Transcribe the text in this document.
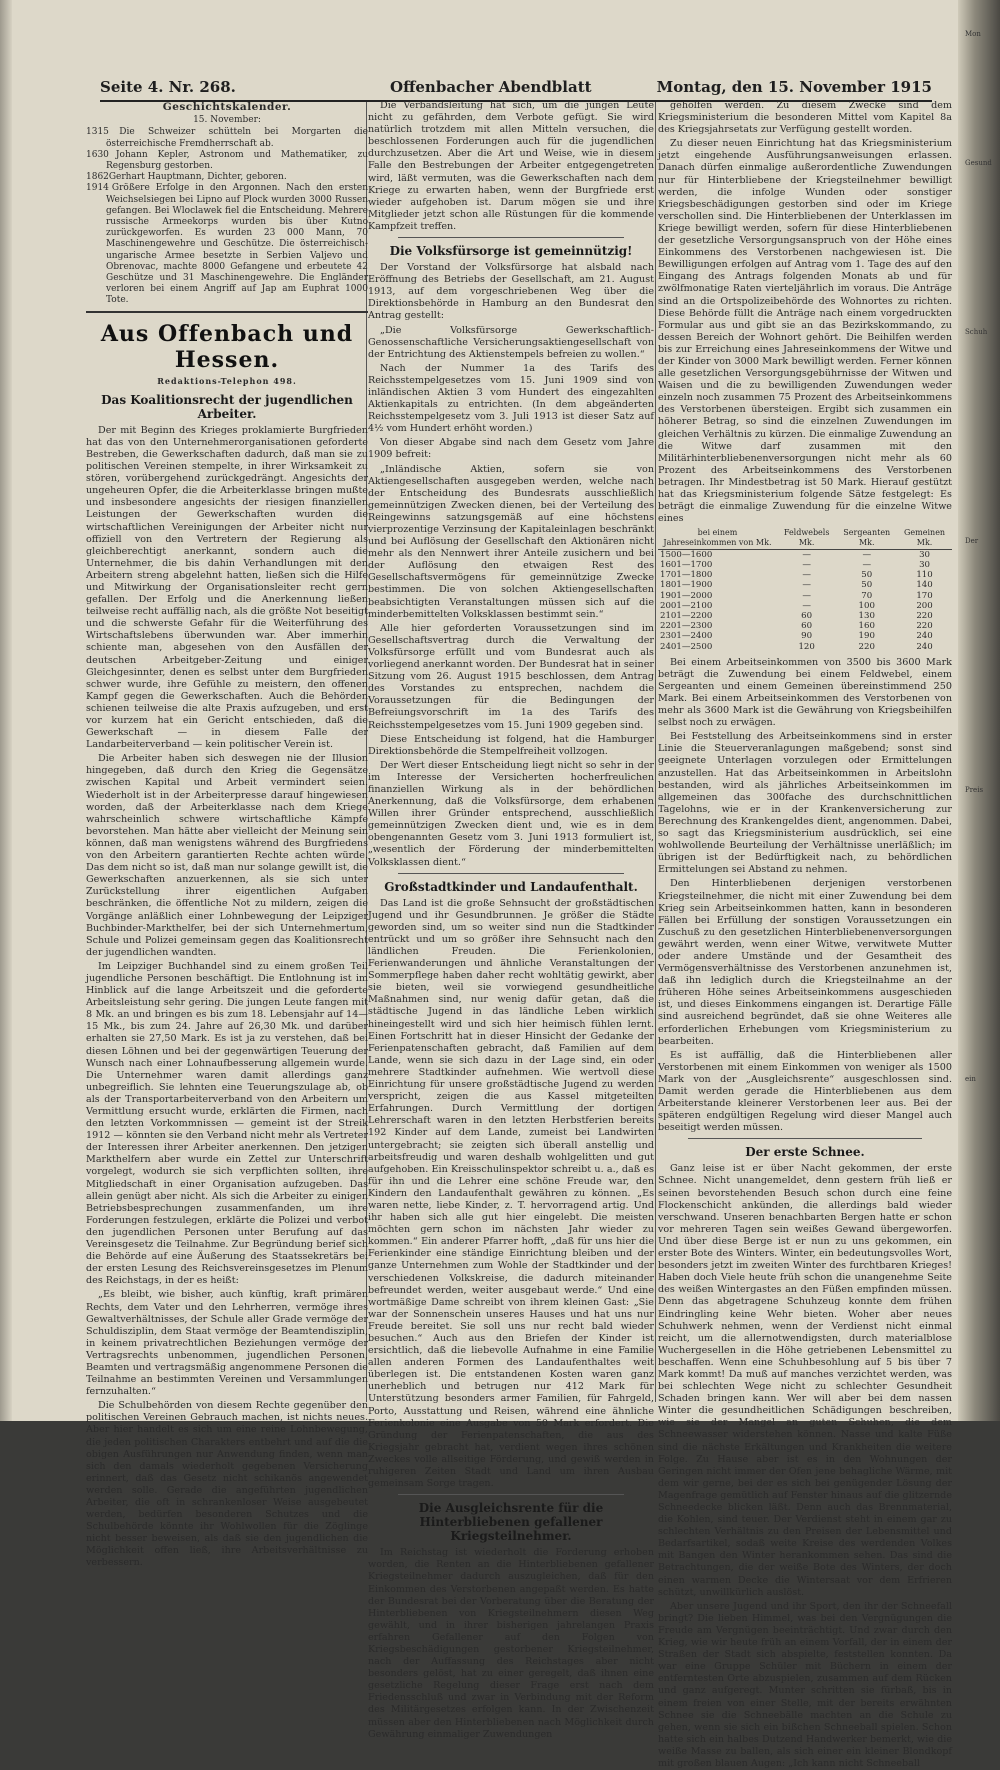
Mon
Gesund
Schuh
Der
Preis
ein
Seite 4. Nr. 268.	Offenbacher Abendblatt	Montag, den 15. November 1915
Geschichtskalender.
15. November:
1315 Die Schweizer schütteln bei Morgarten die österreichische Fremdherrschaft ab.
1630 Johann Kepler, Astronom und Mathematiker, zu Regensburg gestorben.
1862 Gerhart Hauptmann, Dichter, geboren.
1914 Größere Erfolge in den Argonnen. Nach den ersten Weichselsiegen bei Lipno auf Plock wurden 3000 Russen gefangen. Bei Wloclawek fiel die Entscheidung. Mehrere russische Armeekorps wurden bis über Kutno zurückgeworfen. Es wurden 23 000 Mann, 70 Maschinengewehre und Geschütze. Die österreichisch-ungarische Armee besetzte in Serbien Valjevo und Obrenovac, machte 8000 Gefangene und erbeutete 42 Geschütze und 31 Maschinengewehre. Die Engländer verloren bei einem Angriff auf Jap am Euphrat 1000 Tote.
Aus Offenbach und Hessen.
Redaktions-Telephon 498.
Das Koalitionsrecht der jugendlichen Arbeiter.

Der mit Beginn des Krieges proklamierte Burgfrieden hat das von den Unternehmerorganisationen geforderte Bestreben, die Gewerkschaften dadurch, daß man sie zu politischen Vereinen stempelte, in ihrer Wirksamkeit zu stören, vorübergehend zurückgedrängt. Angesichts der ungeheuren Opfer, die die Arbeiterklasse bringen mußte und insbesondere angesichts der riesigen finanziellen Leistungen der Gewerkschaften wurden die wirtschaftlichen Vereinigungen der Arbeiter nicht nur offiziell von den Vertretern der Regierung als gleichberechtigt anerkannt, sondern auch die Unternehmer, die bis dahin Verhandlungen mit den Arbeitern streng abgelehnt hatten, ließen sich die Hilfe und Mitwirkung der Organisationsleiter recht gern gefallen. Der Erfolg und die Anerkennung ließen teilweise recht auffällig nach, als die größte Not beseitigt und die schwerste Gefahr für die Weiterführung des Wirtschaftslebens überwunden war. Aber immerhin schiente man, abgesehen von den Ausfällen der deutschen Arbeitgeber-Zeitung und einiger Gleichgesinnter, denen es selbst unter dem Burgfrieden schwer wurde, ihre Gefühle zu meistern, den offenen Kampf gegen die Gewerkschaften. Auch die Behörden schienen teilweise die alte Praxis aufzugeben, und erst vor kurzem hat ein Gericht entschieden, daß die Gewerkschaft — in diesem Falle der Landarbeiterverband — kein politischer Verein ist.

Die Arbeiter haben sich deswegen nie der Illusion hingegeben, daß durch den Krieg die Gegensätze zwischen Kapital und Arbeit vermindert seien. Wiederholt ist in der Arbeiterpresse darauf hingewiesen worden, daß der Arbeiterklasse nach dem Kriege wahrscheinlich schwere wirtschaftliche Kämpfe bevorstehen. Man hätte aber vielleicht der Meinung sein können, daß man wenigstens während des Burgfriedens von den Arbeitern garantierten Rechte achten würde. Das dem nicht so ist, daß man nur solange gewillt ist, die Gewerkschaften anzuerkennen, als sie sich unter Zurückstellung ihrer eigentlichen Aufgaben beschränken, die öffentliche Not zu mildern, zeigen die Vorgänge anläßlich einer Lohnbewegung der Leipziger Buchbinder-Markthelfer, bei der sich Unternehmertum, Schule und Polizei gemeinsam gegen das Koalitionsrecht der jugendlichen wandten.

Im Leipziger Buchhandel sind zu einem großen Teil jugendliche Personen beschäftigt. Die Entlohnung ist im Hinblick auf die lange Arbeitszeit und die geforderte Arbeitsleistung sehr gering. Die jungen Leute fangen mit 8 Mk. an und bringen es bis zum 18. Lebensjahr auf 14—15 Mk., bis zum 24. Jahre auf 26,30 Mk. und darüber erhalten sie 27,50 Mark. Es ist ja zu verstehen, daß bei diesen Löhnen und bei der gegenwärtigen Teuerung der Wunsch nach einer Lohnaufbesserung allgemein wurde. Die Unternehmer waren damit allerdings ganz unbegreiflich. Sie lehnten eine Teuerungszulage ab, ob als der Transportarbeiterverband von den Arbeitern um Vermittlung ersucht wurde, erklärten die Firmen, nach den letzten Vorkommnissen — gemeint ist der Streik 1912 — könnten sie den Verband nicht mehr als Vertreter der Interessen ihrer Arbeiter anerkennen. Den jetzigen Markthelfern aber wurde ein Zettel zur Unterschrift vorgelegt, wodurch sie sich verpflichten sollten, ihre Mitgliedschaft in einer Organisation aufzugeben. Das allein genügt aber nicht. Als sich die Arbeiter zu einigen Betriebsbesprechungen zusammenfanden, um ihre Forderungen festzulegen, erklärte die Polizei und verbot den jugendlichen Personen unter Berufung auf das Vereinsgesetz die Teilnahme. Zur Begründung berief sich die Behörde auf eine Äußerung des Staatssekretärs bei der ersten Lesung des Reichsvereinsgesetzes im Plenum des Reichstags, in der es heißt:

„Es bleibt, wie bisher, auch künftig, kraft primären Rechts, dem Vater und den Lehrherren, vermöge ihres Gewaltverhältnisses, der Schule aller Grade vermöge der Schuldisziplin, dem Staat vermöge der Beamtendisziplin, in keinem privatrechtlichen Beziehungen vermöge der Vertragsrechts unbenommen, jugendlichen Personen, Beamten und vertragsmäßig angenommene Personen die Teilnahme an bestimmten Vereinen und Versammlungen fernzuhalten.“

Die Schulbehörden von diesem Rechte gegenüber den politischen Vereinen Gebrauch machen, ist nichts neues. Aber hier handelt es sich um eine reine Lohnbewegung, die jeden politischen Charakters entbehrt und auf die die obigen Ausführungen nur Anwendung finden, wenn man sich den damals wiederholt gegebenen Versicherung erinnert, daß das Gesetz nicht schikanös angewendet werden solle. Gerade die angeführten jugendlichen Arbeiter, die oft in schrankenloser Weise ausgebeutet werden, bedürfen besonderen Schutzes und die Schulbehörde könnte ihr Wohlwollen für die Zöglinge nicht besser beweisen, als daß sie den jugendlichen die Möglichkeit offen ließ, ihre Arbeitsverhältnisse zu verbessern.

Die Verbandsleitung hat sich, um die jungen Leute nicht zu gefährden, dem Verbote gefügt. Sie wird natürlich trotzdem mit allen Mitteln versuchen, die beschlossenen Forderungen auch für die jugendlichen durchzusetzen. Aber die Art und Weise, wie in diesem Falle den Bestrebungen der Arbeiter entgegengetreten wird, läßt vermuten, was die Gewerkschaften nach dem Kriege zu erwarten haben, wenn der Burgfriede erst wieder aufgehoben ist. Darum mögen sie und ihre Mitglieder jetzt schon alle Rüstungen für die kommende Kampfzeit treffen.

Die Volksfürsorge ist gemeinnützig!

Der Vorstand der Volksfürsorge hat alsbald nach Eröffnung des Betriebs der Gesellschaft, am 21. August 1913, auf dem vorgeschriebenen Weg über die Direktionsbehörde in Hamburg an den Bundesrat den Antrag gestellt:

„Die Volksfürsorge Gewerkschaftlich-Genossenschaftliche Versicherungsaktiengesellschaft von der Entrichtung des Aktienstempels befreien zu wollen.“

Nach der Nummer 1a des Tarifs des Reichsstempelgesetzes vom 15. Juni 1909 sind von inländischen Aktien 3 vom Hundert des eingezahlten Aktienkapitals zu entrichten. (In dem abgeänderten Reichsstempelgesetz vom 3. Juli 1913 ist dieser Satz auf 4½ vom Hundert erhöht worden.)

Von dieser Abgabe sind nach dem Gesetz vom Jahre 1909 befreit:

„Inländische Aktien, sofern sie von Aktiengesellschaften ausgegeben werden, welche nach der Entscheidung des Bundesrats ausschließlich gemeinnützigen Zwecken dienen, bei der Verteilung des Reingewinns satzungsgemäß auf eine höchstens vierprozentige Verzinsung der Kapitaleinlagen beschränkt und bei Auflösung der Gesellschaft den Aktionären nicht mehr als den Nennwert ihrer Anteile zusichern und bei der Auflösung den etwaigen Rest des Gesellschaftsvermögens für gemeinnützige Zwecke bestimmen. Die von solchen Aktiengesellschaften beabsichtigten Veranstaltungen müssen sich auf die minderbemittelten Volksklassen bestimmt sein.“

Alle hier geforderten Voraussetzungen sind im Gesellschaftsvertrag durch die Verwaltung der Volksfürsorge erfüllt und vom Bundesrat auch als vorliegend anerkannt worden. Der Bundesrat hat in seiner Sitzung vom 26. August 1915 beschlossen, dem Antrag des Vorstandes zu entsprechen, nachdem die Voraussetzungen für die Bedingungen der Befreiungsvorschrift im 1a des Tarifs des Reichsstempelgesetzes vom 15. Juni 1909 gegeben sind.

Diese Entscheidung ist folgend, hat die Hamburger Direktionsbehörde die Stempelfreiheit vollzogen.

Der Wert dieser Entscheidung liegt nicht so sehr in der im Interesse der Versicherten hocherfreulichen finanziellen Wirkung als in der behördlichen Anerkennung, daß die Volksfürsorge, dem erhabenen Willen ihrer Gründer entsprechend, ausschließlich gemeinnützigen Zwecken dient und, wie es in dem obengenannten Gesetz vom 3. Juni 1913 formuliert ist, „wesentlich der Förderung der minderbemittelten Volksklassen dient.“

Großstadtkinder und Landaufenthalt.

Das Land ist die große Sehnsucht der großstädtischen Jugend und ihr Gesundbrunnen. Je größer die Städte geworden sind, um so weiter sind nun die Stadtkinder entrückt und um so größer ihre Sehnsucht nach den ländlichen Freuden. Die Ferienkolonien, Ferienwanderungen und ähnliche Veranstaltungen der Sommerpflege haben daher recht wohltätig gewirkt, aber sie bieten, weil sie vorwiegend gesundheitliche Maßnahmen sind, nur wenig dafür getan, daß die städtische Jugend in das ländliche Leben wirklich hineingestellt wird und sich hier heimisch fühlen lernt. Einen Fortschritt hat in dieser Hinsicht der Gedanke der Ferienpatenschaften gebracht, daß Familien auf dem Lande, wenn sie sich dazu in der Lage sind, ein oder mehrere Stadtkinder aufnehmen. Wie wertvoll diese Einrichtung für unsere großstädtische Jugend zu werden verspricht, zeigen die aus Kassel mitgeteilten Erfahrungen. Durch Vermittlung der dortigen Lehrerschaft waren in den letzten Herbstferien bereits 192 Kinder auf dem Lande, zumeist bei Landwirten untergebracht; sie zeigten sich überall anstellig und arbeitsfreudig und waren deshalb wohlgelitten und gut aufgehoben. Ein Kreisschulinspektor schreibt u. a., daß es für ihn und die Lehrer eine schöne Freude war, den Kindern den Landaufenthalt gewähren zu können. „Es waren nette, liebe Kinder, z. T. hervorragend artig. Und ihr haben sich alle gut hier eingelebt. Die meisten möchten gern schon im nächsten Jahr wieder zu kommen.“ Ein anderer Pfarrer hofft, „daß für uns hier die Ferienkinder eine ständige Einrichtung bleiben und der ganze Unternehmen zum Wohle der Stadtkinder und der verschiedenen Volkskreise, die dadurch miteinander befreundet werden, weiter ausgebaut werde.“ Und eine wortmäßige Dame schreibt von ihrem kleinen Gast: „Sie war der Sonnenschein unseres Hauses und hat uns nur Freude bereitet. Sie soll uns nur recht bald wieder besuchen.“ Auch aus den Briefen der Kinder ist ersichtlich, daß die liebevolle Aufnahme in eine Familie allen anderen Formen des Landaufenthaltes weit überlegen ist. Die entstandenen Kosten waren ganz unerheblich und betrugen nur 412 Mark für Unterstützung besonders armer Familien, für Fahrgeld, Porto, Ausstattung und Reisen, während eine ähnliche Ferienkolonie eine Ausgabe von 50 Mark erfordert. Die Gründung der Ferienpatenschaften, die aus des Kriegsjahr gebracht hat, verdient wegen ihres schönen Zweckes volle allseitige Förderung, und gewiß werden in ruhigeren Zeiten Stadt und Land um ihren Ausbau gemeinsam Sorge tragen.

Die Ausgleichsrente für die Hinterbliebenen gefallener Kriegsteilnehmer.

Im Reichstag ist wiederholt die Forderung erhoben worden, die Renten an die Hinterbliebenen gefallener Kriegsteilnehmer dadurch auszugleichen, daß für den Einkommen des Verstorbenen angepaßt werden. Es hatte der Bundesrat bei der Vorberatung über die Beratung der Hinterbliebenen von Kriegsteilnehmern diesen Weg gewählt, und in ihrer bisherigen jahrelangen Praxis erfahren Gefallener auf den Folgen von Kriegsbeschädigungen gestorbener Kriegsteilnehmer, nach der Auffassung des Reichstages aber nicht besonders gelöst, hat zu einer geregelt, daß ihnen eine gesetzliche Regelung dieser Frage erst nach dem Friedensschluß und zwar in Verbindung mit der Reform des Militärgesetzes erfolgen kann. In der Zwischenzeit müssen aber den Hinterbliebenen nach Möglichkeit durch Gewährung einmaliger Zuwendungen

geholfen werden. Zu diesem Zwecke sind dem Kriegsministerium die besonderen Mittel vom Kapitel 8a des Kriegsjahrsetats zur Verfügung gestellt worden.

Zu dieser neuen Einrichtung hat das Kriegsministerium jetzt eingehende Ausführungsanweisungen erlassen. Danach dürfen einmalige außerordentliche Zuwendungen nur für Hinterbliebene der Kriegsteilnehmer bewilligt werden, die infolge Wunden oder sonstiger Kriegsbeschädigungen gestorben sind oder im Kriege verschollen sind. Die Hinterbliebenen der Unterklassen im Kriege bewilligt werden, sofern für diese Hinterbliebenen der gesetzliche Versorgungsanspruch von der Höhe eines Einkommens des Verstorbenen nachgewiesen ist. Die Bewilligungen erfolgen auf Antrag vom 1. Tage des auf den Eingang des Antrags folgenden Monats ab und für zwölfmonatige Raten vierteljährlich im voraus. Die Anträge sind an die Ortspolizeibehörde des Wohnortes zu richten. Diese Behörde füllt die Anträge nach einem vorgedruckten Formular aus und gibt sie an das Bezirkskommando, zu dessen Bereich der Wohnort gehört. Die Beihilfen werden bis zur Erreichung eines Jahreseinkommens der Witwe und der Kinder von 3000 Mark bewilligt werden. Ferner können alle gesetzlichen Versorgungsgebührnisse der Witwen und Waisen und die zu bewilligenden Zuwendungen weder einzeln noch zusammen 75 Prozent des Arbeitseinkommens des Verstorbenen übersteigen. Ergibt sich zusammen ein höherer Betrag, so sind die einzelnen Zuwendungen im gleichen Verhältnis zu kürzen. Die einmalige Zuwendung an die Witwe darf zusammen mit den Militärhinterbliebenenversorgungen nicht mehr als 60 Prozent des Arbeitseinkommens des Verstorbenen betragen. Ihr Mindestbetrag ist 50 Mark. Hierauf gestützt hat das Kriegsministerium folgende Sätze festgelegt: Es beträgt die einmalige Zuwendung für die einzelne Witwe eines

bei einem Jahreseinkommen von Mk.	Feldwebels Mk.	Sergeanten Mk.	Gemeinen Mk.
1500—1600	—	—	30
1601—1700	—	—	30
1701—1800	—	50	110
1801—1900	—	50	140
1901—2000	—	70	170
2001—2100	—	100	200
2101—2200	60	130	220
2201—2300	60	160	220
2301—2400	90	190	240
2401—2500	120	220	240

Bei einem Arbeitseinkommen von 3500 bis 3600 Mark beträgt die Zuwendung bei einem Feldwebel, einem Sergeanten und einem Gemeinen übereinstimmend 250 Mark. Bei einem Arbeitseinkommen des Verstorbenen von mehr als 3600 Mark ist die Gewährung von Kriegsbeihilfen selbst noch zu erwägen.

Bei Feststellung des Arbeitseinkommens sind in erster Linie die Steuerveranlagungen maßgebend; sonst sind geeignete Unterlagen vorzulegen oder Ermittelungen anzustellen. Hat das Arbeitseinkommen in Arbeitslohn bestanden, wird als jährliches Arbeitseinkommen im allgemeinen das 300fache des durchschnittlichen Tagelohns, wie er in der Krankenversicherung zur Berechnung des Krankengeldes dient, angenommen. Dabei, so sagt das Kriegsministerium ausdrücklich, sei eine wohlwollende Beurteilung der Verhältnisse unerläßlich; im übrigen ist der Bedürftigkeit nach, zu behördlichen Ermittelungen sei Abstand zu nehmen.

Den Hinterbliebenen derjenigen verstorbenen Kriegsteilnehmer, die nicht mit einer Zuwendung bei dem Krieg sein Arbeitseinkommen hatten, kann in besonderen Fällen bei Erfüllung der sonstigen Voraussetzungen ein Zuschuß zu den gesetzlichen Hinterbliebenenversorgungen gewährt werden, wenn einer Witwe, verwitwete Mutter oder andere Umstände und der Gesamtheit des Vermögensverhältnisse des Verstorbenen anzunehmen ist, daß ihn lediglich durch die Kriegsteilnahme an der früheren Höhe seines Arbeitseinkommens ausgeschieden ist, und dieses Einkommens eingangen ist. Derartige Fälle sind ausreichend begründet, daß sie ohne Weiteres alle erforderlichen Erhebungen vom Kriegsministerium zu bearbeiten.

Es ist auffällig, daß die Hinterbliebenen aller Verstorbenen mit einem Einkommen von weniger als 1500 Mark von der „Ausgleichsrente“ ausgeschlossen sind. Damit werden gerade die Hinterbliebenen aus dem Arbeiterstande kleinerer Verstorbenen leer aus. Bei der späteren endgültigen Regelung wird dieser Mangel auch beseitigt werden müssen.

Der erste Schnee.

Ganz leise ist er über Nacht gekommen, der erste Schnee. Nicht unangemeldet, denn gestern früh ließ er seinen bevorstehenden Besuch schon durch eine feine Flockenschicht ankünden, die allerdings bald wieder verschwand. Unseren benachbarten Bergen hatte er schon vor mehreren Tagen sein weißes Gewand übergeworfen. Und über diese Berge ist er nun zu uns gekommen, ein erster Bote des Winters. Winter, ein bedeutungsvolles Wort, besonders jetzt im zweiten Winter des furchtbaren Krieges! Haben doch Viele heute früh schon die unangenehme Seite des weißen Wintergastes an den Füßen empfinden müssen. Denn das abgetragene Schuhzeug konnte dem frühen Eindringling keine Wehr bieten. Woher aber neues Schuhwerk nehmen, wenn der Verdienst nicht einmal reicht, um die allernotwendigsten, durch materialblose Wuchergesellen in die Höhe getriebenen Lebensmittel zu beschaffen. Wenn eine Schuhbesohlung auf 5 bis über 7 Mark kommt! Da muß auf manches verzichtet werden, was bei schlechten Wege nicht zu schlechter Gesundheit Schaden bringen kann. Wer will aber bei dem nassen Winter die gesundheitlichen Schädigungen beschreiben, wie sie der Mangel an guten Schuhen, die dem Schneewasser widerstehen können. Nasse und kalte Füße sind die nächste Erkältungen und Krankheiten die weitere Folge. Zu Hause aber ist es in den Wohnungen der Geringen nicht immer der Ofen jene behagliche Wärme, mit dem wir gerne, bei der es sich bei genügender Lösung der Magenfrage gemütlich auf Fenster hinaus auf die glitzernde Schneedecke blicken läßt. Denn auch das Brennmaterial, die Kohlen, sind teuer. Der Verdienst steht in einem gar zu schlechten Verhältnis zu den Preisen der Lebensmittel und Bedarfsartikel, sodaß weite Kreise des werdenden Volkes mit Bangen den Winter herankommen sehen. Das sind die Betrachtungen, die der weiße Bote des Winters, der doch einen warmen Decke die Wintersaat vor dem Erfrieren schützt, unwillkürlich auslöst.

Aber unsere Jugend und ihr Sport, den ihr der Schneefall bringt? Die lieben Himmel, was bei den Vergnügungen die Freude am Vergnügen beeinträchtigt. Und zwar durch den Krieg, wie wir heute früh an einem Vorfall, der in einem der Straßen der Stadt sich abspielte, feststellen konnten. Da war eine Gruppe Schüler mit Büchern in einem der entferntesten Orte abzuspielen, zusammen auf dem Rücken und ganz aufgeregt. Munter schritten sie fürbaß, bis in einem freien von einer Stelle, mit der bereits erwähnten Schnee sie die Schneebälle machten an die Schule zu gehen, wenn sie sich ein bißchen Schneeball spielen. Schon hatte sich ein halbes Dutzend Handwerker bemerkt, wie die weiße Masse zu ballen, als sich einer ein kleiner Blondkopf mit großen blauen Augen: „Ich kann nicht Schneeball
